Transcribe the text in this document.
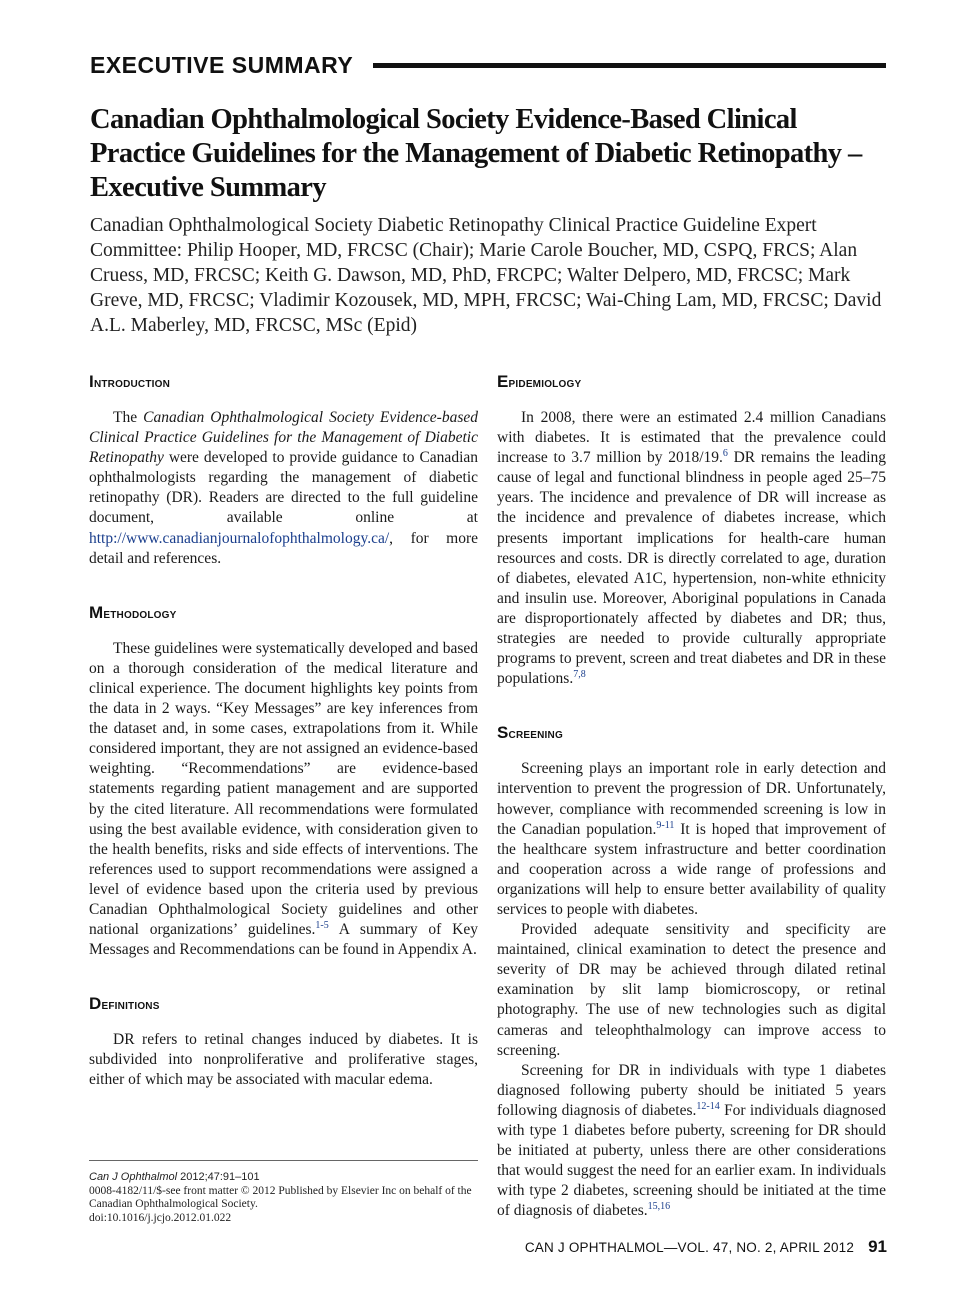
EXECUTIVE SUMMARY
Canadian Ophthalmological Society Evidence-Based Clinical Practice Guidelines for the Management of Diabetic Retinopathy – Executive Summary

Canadian Ophthalmological Society Diabetic Retinopathy Clinical Practice Guideline Expert Committee: Philip Hooper, MD, FRCSC (Chair); Marie Carole Boucher, MD, CSPQ, FRCS; Alan Cruess, MD, FRCSC; Keith G. Dawson, MD, PhD, FRCPC; Walter Delpero, MD, FRCSC; Mark Greve, MD, FRCSC; Vladimir Kozousek, MD, MPH, FRCSC; Wai-Ching Lam, MD, FRCSC; David A.L. Maberley, MD, FRCSC, MSc (Epid)

Introduction

The Canadian Ophthalmological Society Evidence-based Clinical Practice Guidelines for the Management of Diabetic Retinopathy were developed to provide guidance to Canadian ophthalmologists regarding the management of diabetic retinopathy (DR). Readers are directed to the full guideline document, available online at http://www.canadianjournalofophthalmology.ca/, for more detail and references.

Methodology

These guidelines were systematically developed and based on a thorough consideration of the medical literature and clinical experience. The document highlights key points from the data in 2 ways. “Key Messages” are key inferences from the dataset and, in some cases, extrapolations from it. While considered important, they are not assigned an evidence-based weighting. “Recommendations” are evidence-based statements regarding patient management and are supported by the cited literature. All recommendations were formulated using the best available evidence, with consideration given to the health benefits, risks and side effects of interventions. The references used to support recommendations were assigned a level of evidence based upon the criteria used by previous Canadian Ophthalmological Society guidelines and other national organizations’ guidelines.$^{1-5}$ A summary of Key Messages and Recommendations can be found in Appendix A.

Definitions

DR refers to retinal changes induced by diabetes. It is subdivided into nonproliferative and proliferative stages, either of which may be associated with macular edema.

Epidemiology

In 2008, there were an estimated 2.4 million Canadians with diabetes. It is estimated that the prevalence could increase to 3.7 million by 2018/19.$^6$ DR remains the leading cause of legal and functional blindness in people aged 25–75 years. The incidence and prevalence of DR will increase as the incidence and prevalence of diabetes increase, which presents important implications for health-care human resources and costs. DR is directly correlated to age, duration of diabetes, elevated A1C, hypertension, non-white ethnicity and insulin use. Moreover, Aboriginal populations in Canada are disproportionately affected by diabetes and DR; thus, strategies are needed to provide culturally appropriate programs to prevent, screen and treat diabetes and DR in these populations.$^{7,8}$

Screening

Screening plays an important role in early detection and intervention to prevent the progression of DR. Unfortunately, however, compliance with recommended screening is low in the Canadian population.$^{9-11}$ It is hoped that improvement of the healthcare system infrastructure and better coordination and cooperation across a wide range of professions and organizations will help to ensure better availability of quality services to people with diabetes.

Provided adequate sensitivity and specificity are maintained, clinical examination to detect the presence and severity of DR may be achieved through dilated retinal examination by slit lamp biomicroscopy, or retinal photography. The use of new technologies such as digital cameras and teleophthalmology can improve access to screening.

Screening for DR in individuals with type 1 diabetes diagnosed following puberty should be initiated 5 years following diagnosis of diabetes.$^{12-14}$ For individuals diagnosed with type 1 diabetes before puberty, screening for DR should be initiated at puberty, unless there are other considerations that would suggest the need for an earlier exam. In individuals with type 2 diabetes, screening should be initiated at the time of diagnosis of diabetes.$^{15,16}$

Can J Ophthalmol 2012;47:91–101
0008-4182/11/$-see front matter © 2012 Published by Elsevier Inc on behalf of the Canadian Ophthalmological Society.
doi:10.1016/j.jcjo.2012.01.022
CAN J OPHTHALMOL—VOL. 47, NO. 2, APRIL 2012 91
